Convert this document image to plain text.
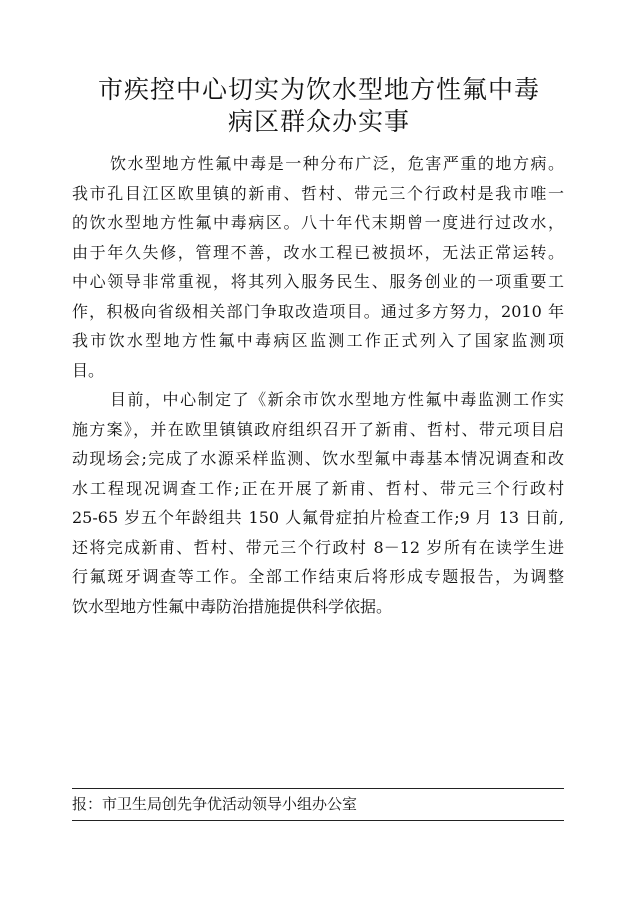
市疾控中心切实为饮水型地方性氟中毒
病区群众办实事
饮水型地方性氟中毒是一种分布广泛，危害严重的地方病。
我市孔目江区欧里镇的新甫、哲村、带元三个行政村是我市唯一
的饮水型地方性氟中毒病区。八十年代末期曾一度进行过改水，
由于年久失修，管理不善，改水工程已被损坏，无法正常运转。
中心领导非常重视，将其列入服务民生、服务创业的一项重要工
作，积极向省级相关部门争取改造项目。通过多方努力，2010 年
我市饮水型地方性氟中毒病区监测工作正式列入了国家监测项
目。
目前，中心制定了《新余市饮水型地方性氟中毒监测工作实
施方案》，并在欧里镇镇政府组织召开了新甫、哲村、带元项目启
动现场会;完成了水源采样监测、饮水型氟中毒基本情况调查和改
水工程现况调查工作;正在开展了新甫、哲村、带元三个行政村
25-65 岁五个年龄组共 150 人氟骨症拍片检查工作;9 月 13 日前,
还将完成新甫、哲村、带元三个行政村 8－12 岁所有在读学生进
行氟斑牙调查等工作。全部工作结束后将形成专题报告，为调整
饮水型地方性氟中毒防治措施提供科学依据。
报：市卫生局创先争优活动领导小组办公室
